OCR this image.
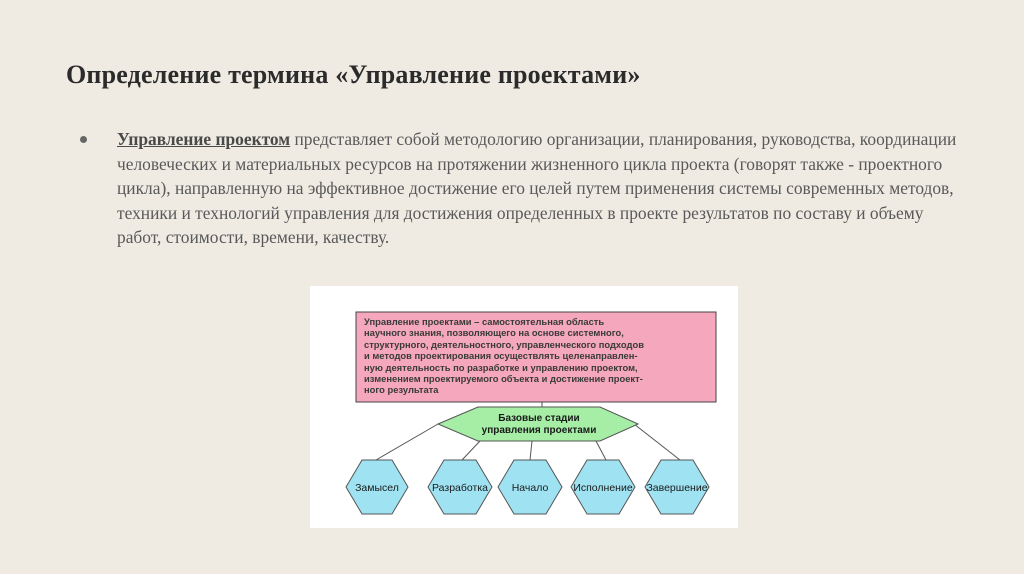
Определение термина «Управление проектами»
Управление проектом представляет собой методологию организации, планирования, руководства, координации человеческих и материальных ресурсов на протяжении жизненного цикла проекта (говорят также - проектного цикла), направленную на эффективное достижение его целей путем применения системы современных методов, техники и технологий управления для достижения определенных в проекте результатов по составу и объему работ, стоимости, времени, качеству.
Базовые стадии
управления проектами
Замысел	Разработка Начало Исполнение Завершение
Управление проектами – самостоятельная область
научного знания, позволяющего на основе системного,
структурного, деятельностного, управленческого подходов
и методов проектирования осуществлять целенаправлен-
ную деятельность по разработке и управлению проектом,
изменением проектируемого объекта и достижение проект-
ного результата
